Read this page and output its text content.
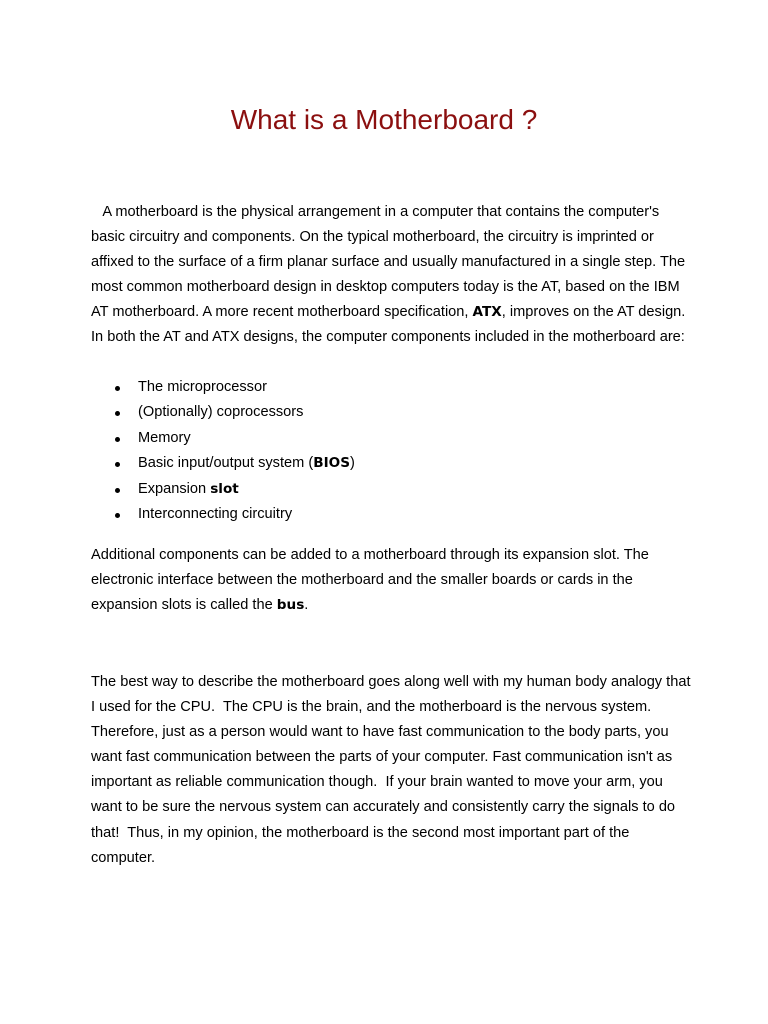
What is a Motherboard ?

A motherboard is the physical arrangement in a computer that contains the computer's basic circuitry and components. On the typical motherboard, the circuitry is imprinted or affixed to the surface of a firm planar surface and usually manufactured in a single step. The most common motherboard design in desktop computers today is the AT, based on the IBM AT motherboard. A more recent motherboard specification, ATX, improves on the AT design. In both the AT and ATX designs, the computer components included in the motherboard are:

The microprocessor
(Optionally) coprocessors
Memory
Basic input/output system (BIOS)
Expansion slot
Interconnecting circuitry

Additional components can be added to a motherboard through its expansion slot. The electronic interface between the motherboard and the smaller boards or cards in the expansion slots is called the bus.

The best way to describe the motherboard goes along well with my human body analogy that I used for the CPU.  The CPU is the brain, and the motherboard is the nervous system. Therefore, just as a person would want to have fast communication to the body parts, you want fast communication between the parts of your computer. Fast communication isn't as important as reliable communication though.  If your brain wanted to move your arm, you want to be sure the nervous system can accurately and consistently carry the signals to do that!  Thus, in my opinion, the motherboard is the second most important part of the computer.
